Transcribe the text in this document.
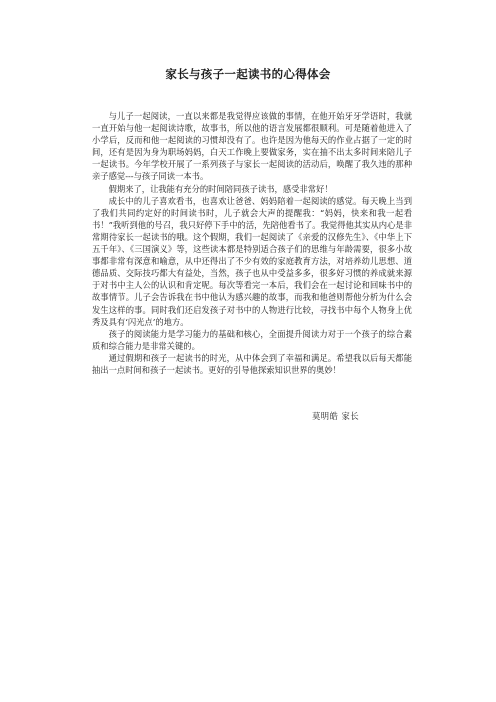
家长与孩子一起读书的心得体会

与儿子一起阅读，一直以来都是我觉得应该做的事情，在他开始牙牙学语时，我就一直开始与他一起阅读诗歌，故事书，所以他的语言发展都很顺利。可是随着他进入了小学后，反而和他一起阅读的习惯却没有了。也许是因为他每天的作业占据了一定的时间，还有是因为身为职场妈妈，白天工作晚上要做家务，实在抽不出太多时间来陪儿子一起读书。今年学校开展了一系列孩子与家长一起阅读的活动后，唤醒了我久违的那种亲子感觉---与孩子同读一本书。

假期来了，让我能有充分的时间陪同孩子读书，感受非常好！

成长中的儿子喜欢看书，也喜欢让爸爸、妈妈陪着一起阅读的感觉。每天晚上当到了我们共同约定好的时间读书时，儿子就会大声的提醒我：“妈妈，快来和我一起看书！”我听到他的号召，我只好停下手中的活，先陪他看书了。我觉得他其实从内心是非常期待家长一起读书的哦。这个假期，我们一起阅读了《亲爱的汉修先生》、《中华上下五千年》、《三国演义》等，这些读本都是特别适合孩子们的思维与年龄需要，很多小故事都非常有深意和喻意，从中还得出了不少有效的家庭教育方法，对培养幼儿思想、道德品质、交际技巧都大有益处，当然，孩子也从中受益多多，很多好习惯的养成就来源于对书中主人公的认识和肯定呢。每次等看完一本后，我们会在一起讨论和回味书中的故事情节。儿子会告诉我在书中他认为感兴趣的故事，而我和他爸则帮他分析为什么会发生这样的事。同时我们还启发孩子对书中的人物进行比较，寻找书中每个人物身上优秀及具有‘闪光点’的地方。

孩子的阅读能力是学习能力的基础和核心，全面提升阅读力对于一个孩子的综合素质和综合能力是非常关键的。

通过假期和孩子一起读书的时光，从中体会到了幸福和满足。希望我以后每天都能抽出一点时间和孩子一起读书。更好的引导他探索知识世界的奥妙！

莫明皓 家长
